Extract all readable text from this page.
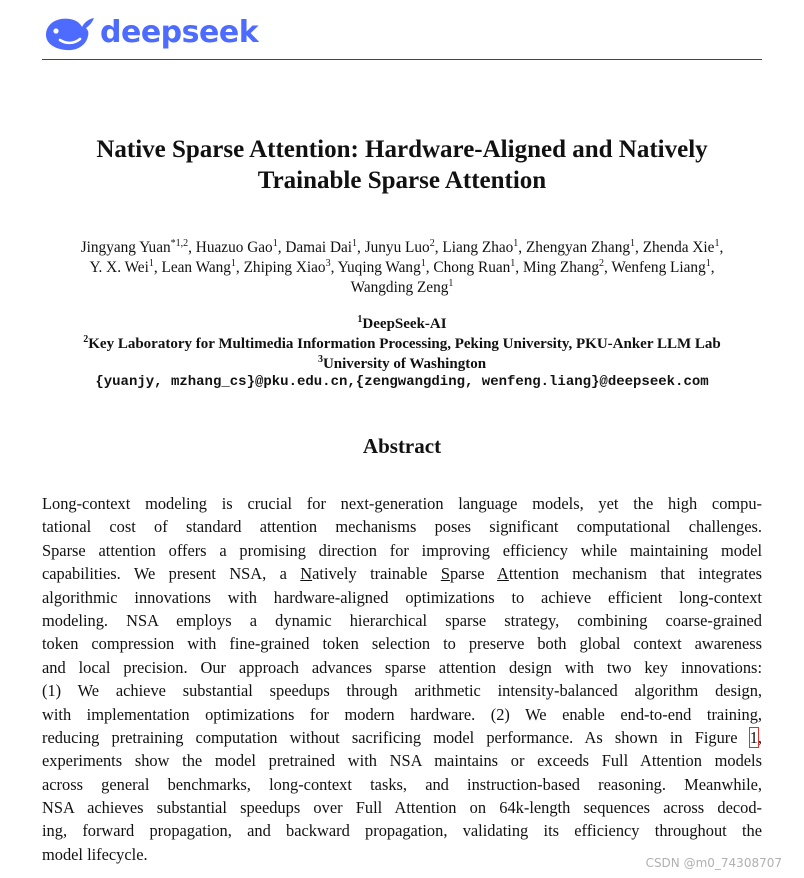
deepseek
Native Sparse Attention: Hardware-Aligned and Natively
Trainable Sparse Attention
Jingyang Yuan$^{*1,2}$, Huazuo Gao$^1$, Damai Dai$^1$, Junyu Luo$^2$, Liang Zhao$^1$, Zhengyan Zhang$^1$, Zhenda Xie$^1$,
Y. X. Wei$^1$, Lean Wang$^1$, Zhiping Xiao$^3$, Yuqing Wang$^1$, Chong Ruan$^1$, Ming Zhang$^2$, Wenfeng Liang$^1$,
Wangding Zeng$^1$
$^1$DeepSeek-AI
$^2$Key Laboratory for Multimedia Information Processing, Peking University, PKU-Anker LLM Lab
$^3$University of Washington
{yuanjy, mzhang_cs}@pku.edu.cn,{zengwangding, wenfeng.liang}@deepseek.com
Abstract
Long-context modeling is crucial for next-generation language models, yet the high compu-
tational cost of standard attention mechanisms poses significant computational challenges.
Sparse attention offers a promising direction for improving efficiency while maintaining model
capabilities. We present NSA, a Natively trainable Sparse Attention mechanism that integrates
algorithmic innovations with hardware-aligned optimizations to achieve efficient long-context
modeling. NSA employs a dynamic hierarchical sparse strategy, combining coarse-grained
token compression with fine-grained token selection to preserve both global context awareness
and local precision. Our approach advances sparse attention design with two key innovations:
(1) We achieve substantial speedups through arithmetic intensity-balanced algorithm design,
with implementation optimizations for modern hardware. (2) We enable end-to-end training,
reducing pretraining computation without sacrificing model performance. As shown in Figure 1,
experiments show the model pretrained with NSA maintains or exceeds Full Attention models
across general benchmarks, long-context tasks, and instruction-based reasoning. Meanwhile,
NSA achieves substantial speedups over Full Attention on 64k-length sequences across decod-
ing, forward propagation, and backward propagation, validating its efficiency throughout the
model lifecycle.	CSDN @m0_74308707
